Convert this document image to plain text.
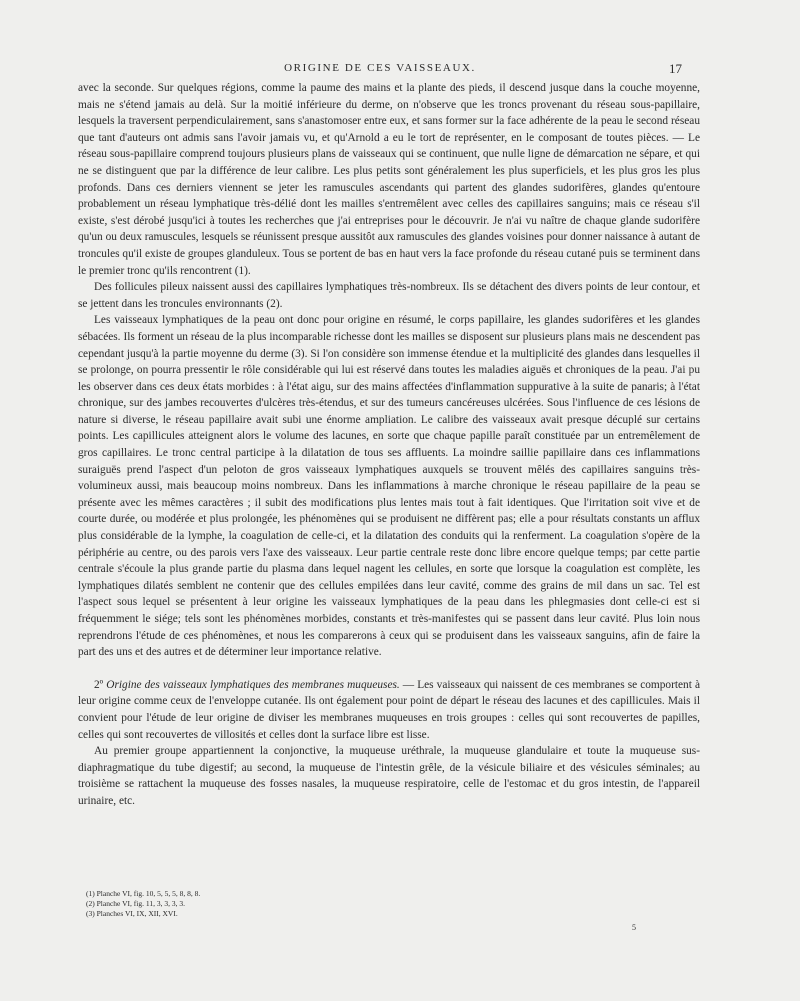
ORIGINE DE CES VAISSEAUX.	17

avec la seconde. Sur quelques régions, comme la paume des mains et la plante des pieds, il descend jusque dans la couche moyenne, mais ne s'étend jamais au delà. Sur la moitié inférieure du derme, on n'observe que les troncs provenant du réseau sous-papillaire, lesquels la traversent perpendiculairement, sans s'anastomoser entre eux, et sans former sur la face adhérente de la peau le second réseau que tant d'auteurs ont admis sans l'avoir jamais vu, et qu'Arnold a eu le tort de représenter, en le composant de toutes pièces. — Le réseau sous-papillaire comprend toujours plusieurs plans de vaisseaux qui se continuent, que nulle ligne de démarcation ne sépare, et qui ne se distinguent que par la différence de leur calibre. Les plus petits sont généralement les plus superficiels, et les plus gros les plus profonds. Dans ces derniers viennent se jeter les ramuscules ascendants qui partent des glandes sudorifères, glandes qu'entoure probablement un réseau lymphatique très-délié dont les mailles s'entremêlent avec celles des capillaires sanguins; mais ce réseau s'il existe, s'est dérobé jusqu'ici à toutes les recherches que j'ai entreprises pour le découvrir. Je n'ai vu naître de chaque glande sudorifère qu'un ou deux ramuscules, lesquels se réunissent presque aussitôt aux ramuscules des glandes voisines pour donner naissance à autant de troncules qu'il existe de groupes glanduleux. Tous se portent de bas en haut vers la face profonde du réseau cutané puis se terminent dans le premier tronc qu'ils rencontrent (1).

Des follicules pileux naissent aussi des capillaires lymphatiques très-nombreux. Ils se détachent des divers points de leur contour, et se jettent dans les troncules environnants (2).

Les vaisseaux lymphatiques de la peau ont donc pour origine en résumé, le corps papillaire, les glandes sudorifères et les glandes sébacées. Ils forment un réseau de la plus incomparable richesse dont les mailles se disposent sur plusieurs plans mais ne descendent pas cependant jusqu'à la partie moyenne du derme (3). Si l'on considère son immense étendue et la multiplicité des glandes dans lesquelles il se prolonge, on pourra pressentir le rôle considérable qui lui est réservé dans toutes les maladies aiguës et chroniques de la peau. J'ai pu les observer dans ces deux états morbides : à l'état aigu, sur des mains affectées d'inflammation suppurative à la suite de panaris; à l'état chronique, sur des jambes recouvertes d'ulcères très-étendus, et sur des tumeurs cancéreuses ulcérées. Sous l'influence de ces lésions de nature si diverse, le réseau papillaire avait subi une énorme ampliation. Le calibre des vaisseaux avait presque décuplé sur certains points. Les capillicules atteignent alors le volume des lacunes, en sorte que chaque papille paraît constituée par un entremêlement de gros capillaires. Le tronc central participe à la dilatation de tous ses affluents. La moindre saillie papillaire dans ces inflammations suraiguës prend l'aspect d'un peloton de gros vaisseaux lymphatiques auxquels se trouvent mêlés des capillaires sanguins très-volumineux aussi, mais beaucoup moins nombreux. Dans les inflammations à marche chronique le réseau papillaire de la peau se présente avec les mêmes caractères ; il subit des modifications plus lentes mais tout à fait identiques. Que l'irritation soit vive et de courte durée, ou modérée et plus prolongée, les phénomènes qui se produisent ne diffèrent pas; elle a pour résultats constants un afflux plus considérable de la lymphe, la coagulation de celle-ci, et la dilatation des conduits qui la renferment. La coagulation s'opère de la périphérie au centre, ou des parois vers l'axe des vaisseaux. Leur partie centrale reste donc libre encore quelque temps; par cette partie centrale s'écoule la plus grande partie du plasma dans lequel nagent les cellules, en sorte que lorsque la coagulation est complète, les lymphatiques dilatés semblent ne contenir que des cellules empilées dans leur cavité, comme des grains de mil dans un sac. Tel est l'aspect sous lequel se présentent à leur origine les vaisseaux lymphatiques de la peau dans les phlegmasies dont celle-ci est si fréquemment le siége; tels sont les phénomènes morbides, constants et très-manifestes qui se passent dans leur cavité. Plus loin nous reprendrons l'étude de ces phénomènes, et nous les comparerons à ceux qui se produisent dans les vaisseaux sanguins, afin de faire la part des uns et des autres et de déterminer leur importance relative.

2º Origine des vaisseaux lymphatiques des membranes muqueuses. — Les vaisseaux qui naissent de ces membranes se comportent à leur origine comme ceux de l'enveloppe cutanée. Ils ont également pour point de départ le réseau des lacunes et des capillicules. Mais il convient pour l'étude de leur origine de diviser les membranes muqueuses en trois groupes : celles qui sont recouvertes de papilles, celles qui sont recouvertes de villosités et celles dont la surface libre est lisse.

Au premier groupe appartiennent la conjonctive, la muqueuse uréthrale, la muqueuse glandulaire et toute la muqueuse sus-diaphragmatique du tube digestif; au second, la muqueuse de l'intestin grêle, de la vésicule biliaire et des vésicules séminales; au troisième se rattachent la muqueuse des fosses nasales, la muqueuse respiratoire, celle de l'estomac et du gros intestin, de l'appareil urinaire, etc.

(1) Planche VI, fig. 10, 5, 5, 5, 8, 8, 8.
(2) Planche VI, fig. 11, 3, 3, 3, 3.
(3) Planches VI, IX, XII, XVI.
5
